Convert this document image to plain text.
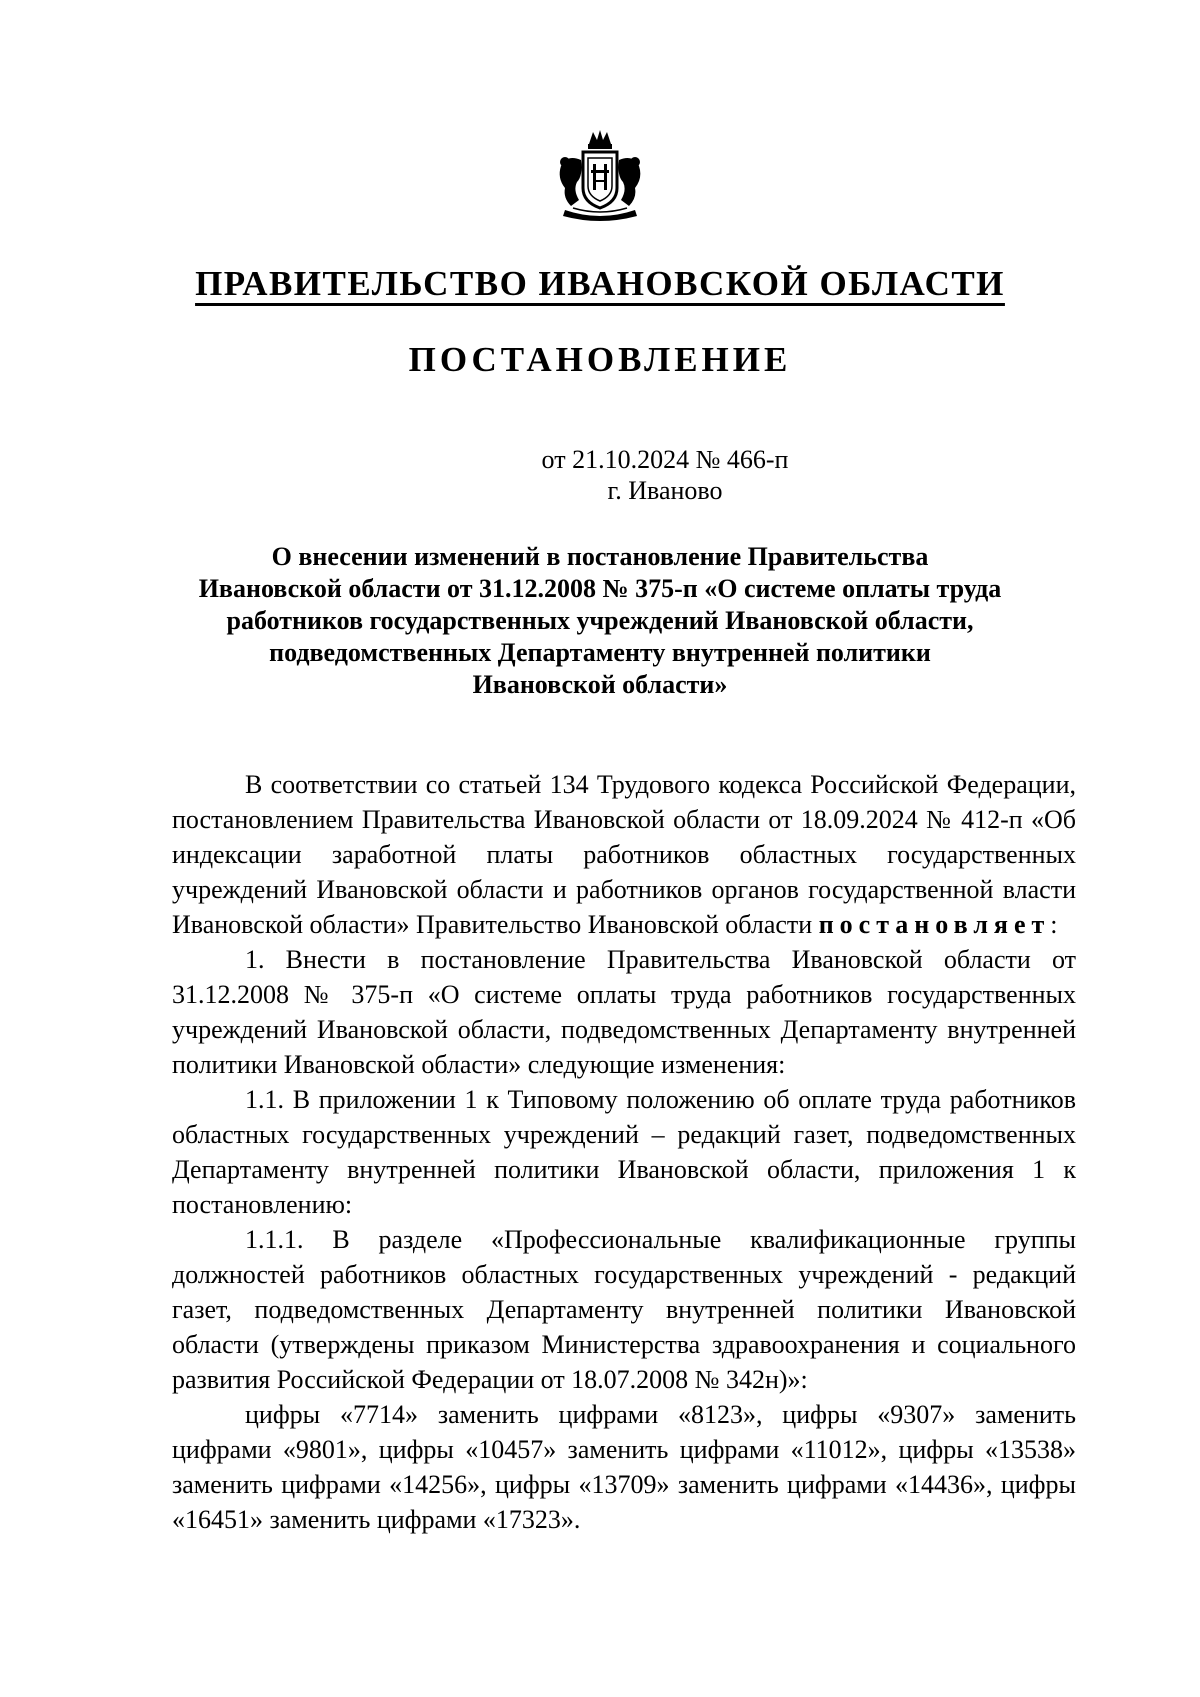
ПРАВИТЕЛЬСТВО ИВАНОВСКОЙ ОБЛАСТИ
ПОСТАНОВЛЕНИЕ
от 21.10.2024 № 466-п
г. Иваново
О внесении изменений в постановление Правительства
Ивановской области от 31.12.2008 № 375-п «О системе оплаты труда
работников государственных учреждений Ивановской области,
подведомственных Департаменту внутренней политики
Ивановской области»

В соответствии со статьей 134 Трудового кодекса Российской Федерации, постановлением Правительства Ивановской области от 18.09.2024 № 412-п «Об индексации заработной платы работников областных государственных учреждений Ивановской области и работников органов государственной власти Ивановской области» Правительство Ивановской области постановляет:

1. Внести в постановление Правительства Ивановской области от 31.12.2008 № 375-п «О системе оплаты труда работников государственных учреждений Ивановской области, подведомственных Департаменту внутренней политики Ивановской области» следующие изменения:

1.1. В приложении 1 к Типовому положению об оплате труда работников областных государственных учреждений – редакций газет, подведомственных Департаменту внутренней политики Ивановской области, приложения 1 к постановлению:

1.1.1. В разделе «Профессиональные квалификационные группы должностей работников областных государственных учреждений - редакций газет, подведомственных Департаменту внутренней политики Ивановской области (утверждены приказом Министерства здравоохранения и социального развития Российской Федерации от 18.07.2008 № 342н)»:

цифры «7714» заменить цифрами «8123», цифры «9307» заменить цифрами «9801», цифры «10457» заменить цифрами «11012», цифры «13538» заменить цифрами «14256», цифры «13709» заменить цифрами «14436», цифры «16451» заменить цифрами «17323».
